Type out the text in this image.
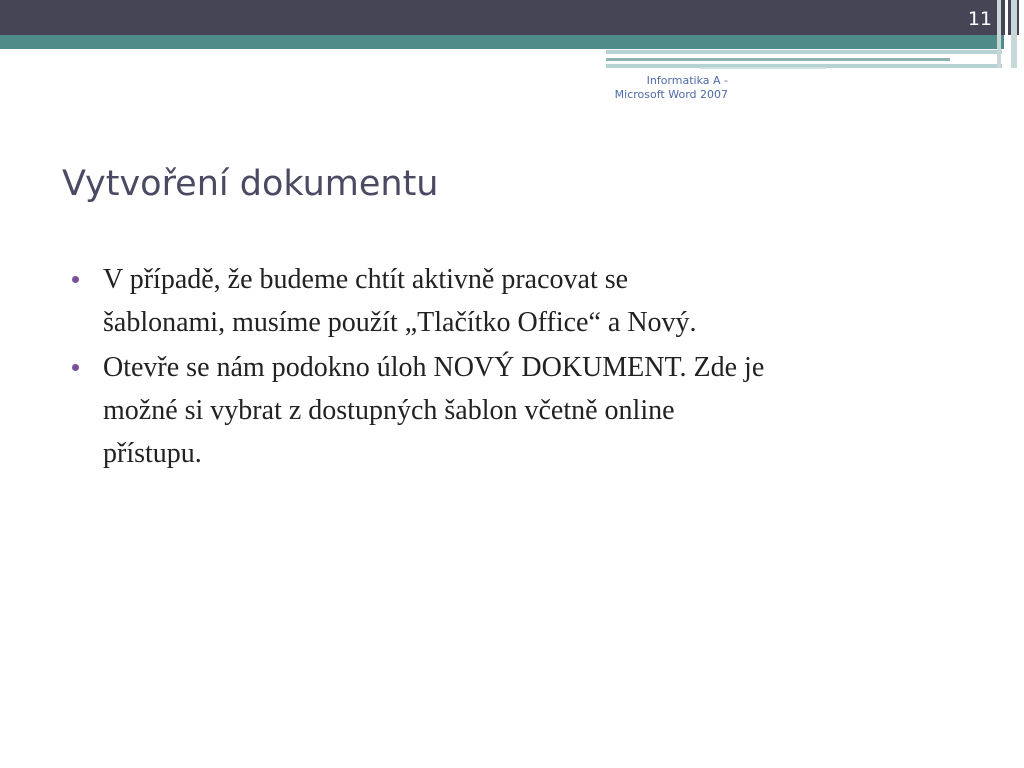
11
Informatika A -
Microsoft Word 2007
Vytvoření dokumentu
V případě, že budeme chtít aktivně pracovat se
šablonami, musíme použít „Tlačítko Office“ a Nový.
Otevře se nám podokno úloh NOVÝ DOKUMENT. Zde je
možné si vybrat z dostupných šablon včetně online
přístupu.
